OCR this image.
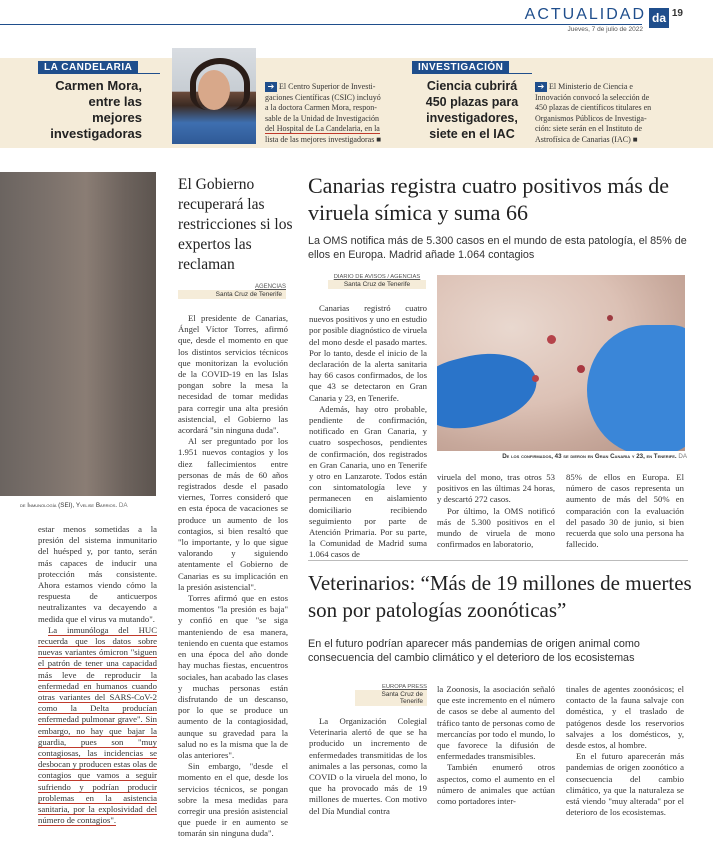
ACTUALIDAD da 19
Jueves, 7 de julio de 2022
LA CANDELARIA
Carmen Mora, entre las mejores investigadoras
➔ El Centro Superior de Investi-
gaciones Científicas (CSIC) incluyó
a la doctora Carmen Mora, respon-
sable de la Unidad de Investigación
del Hospital de La Candelaria, en la
lista de las mejores investigadoras ■
INVESTIGACIÓN
Ciencia cubrirá 450 plazas para investigadores, siete en el IAC
➔ El Ministerio de Ciencia e
Innovación convocó la selección de
450 plazas de científicos titulares en
Organismos Públicos de Investiga-
ción: siete serán en el Instituto de
Astrofísica de Canarias (IAC) ■
de Inmunología (SEI), Yvelise Barrios. DA

estar menos sometidas a la presión del sistema inmunitario del huésped y, por tanto, serán más capaces de inducir una protección más consistente. Ahora estamos viendo cómo la respuesta de anticuerpos neutralizantes va decayendo a medida que el virus va mutando".

La inmunóloga del HUC recuerda que los datos sobre nuevas variantes ómicron "siguen el patrón de tener una capacidad más leve de reproducir la enfermedad en humanos cuando otras variantes del SARS-CoV-2 como la Delta producían enfermedad pulmonar grave". Sin embargo, no hay que bajar la guardia, pues son "muy contagiosas, las incidencias se desbocan y producen estas olas de contagios que vamos a seguir sufriendo y podrían producir problemas en la asistencia sanitaria, por la explosividad del número de contagios".

El Gobierno recuperará las restricciones si los expertos las reclaman
AGENCIAS
Santa Cruz de Tenerife

El presidente de Canarias, Ángel Víctor Torres, afirmó que, desde el momento en que los distintos servicios técnicos que monitorizan la evolución de la COVID-19 en las Islas pongan sobre la mesa la necesidad de tomar medidas para corregir una alta presión asistencial, el Gobierno las acordará "sin ninguna duda".

Al ser preguntado por los 1.951 nuevos contagios y los diez fallecimientos entre personas de más de 60 años registrados desde el pasado viernes, Torres consideró que en esta época de vacaciones se produce un aumento de los contagios, si bien resaltó que "lo importante, y lo que sigue valorando y siguiendo atentamente el Gobierno de Canarias es su implicación en la presión asistencial".

Torres afirmó que en estos momentos "la presión es baja" y confió en que "se siga manteniendo de esa manera, teniendo en cuenta que estamos en una época del año donde hay muchas fiestas, encuentros sociales, han acabado las clases y muchas personas están disfrutando de un descanso, por lo que se produce un aumento de la contagiosidad, aunque su gravedad para la salud no es la misma que la de olas anteriores".

Sin embargo, "desde el momento en el que, desde los servicios técnicos, se pongan sobre la mesa medidas para corregir una presión asistencial que puede ir en aumento se tomarán sin ninguna duda".

Canarias registra cuatro positivos más de viruela símica y suma 66
La OMS notifica más de 5.300 casos en el mundo de esta patología, el 85% de ellos en Europa. Madrid añade 1.064 contagios
DIARIO DE AVISOS / AGENCIAS
Santa Cruz de Tenerife

Canarias registró cuatro nuevos positivos y uno en estudio por posible diagnóstico de viruela del mono desde el pasado martes. Por lo tanto, desde el inicio de la declaración de la alerta sanitaria hay 66 casos confirmados, de los que 43 se detectaron en Gran Canaria y 23, en Tenerife.

Además, hay otro probable, pendiente de confirmación, notificado en Gran Canaria, y cuatro sospechosos, pendientes de confirmación, dos registrados en Gran Canaria, uno en Tenerife y otro en Lanzarote. Todos están con sintomatología leve y permanecen en aislamiento domiciliario recibiendo seguimiento por parte de Atención Primaria. Por su parte, la Comunidad de Madrid suma 1.064 casos de

De los confirmados, 43 se dieron en Gran Canaria y 23, en Tenerife. DA

viruela del mono, tras otros 53 positivos en las últimas 24 horas, y descartó 272 casos.

Por último, la OMS notificó más de 5.300 positivos en el mundo de viruela de mono confirmados en laboratorio,

85% de ellos en Europa. El número de casos representa un aumento de más del 50% en comparación con la evaluación del pasado 30 de junio, si bien recuerda que solo una persona ha fallecido.

Veterinarios: “Más de 19 millones de muertes son por patologías zoonóticas”
En el futuro podrían aparecer más pandemias de origen animal como consecuencia del cambio climático y el deterioro de los ecosistemas
EUROPA PRESS
Santa Cruz de Tenerife

La Organización Colegial Veterinaria alertó de que se ha producido un incremento de enfermedades transmitidas de los animales a las personas, como la COVID o la viruela del mono, lo que ha provocado más de 19 millones de muertes. Con motivo del Día Mundial contra

la Zoonosis, la asociación señaló que este incremento en el número de casos se debe al aumento del tráfico tanto de personas como de mercancías por todo el mundo, lo que favorece la difusión de enfermedades transmisibles.

También enumeró otros aspectos, como el aumento en el número de animales que actúan como portadores inter-

tinales de agentes zoonósicos; el contacto de la fauna salvaje con doméstica, y el traslado de patógenos desde los reservorios salvajes a los domésticos, y, desde estos, al hombre.

En el futuro aparecerán más pandemias de origen zoonótico a consecuencia del cambio climático, ya que la naturaleza se está viendo "muy alterada" por el deterioro de los ecosistemas.
